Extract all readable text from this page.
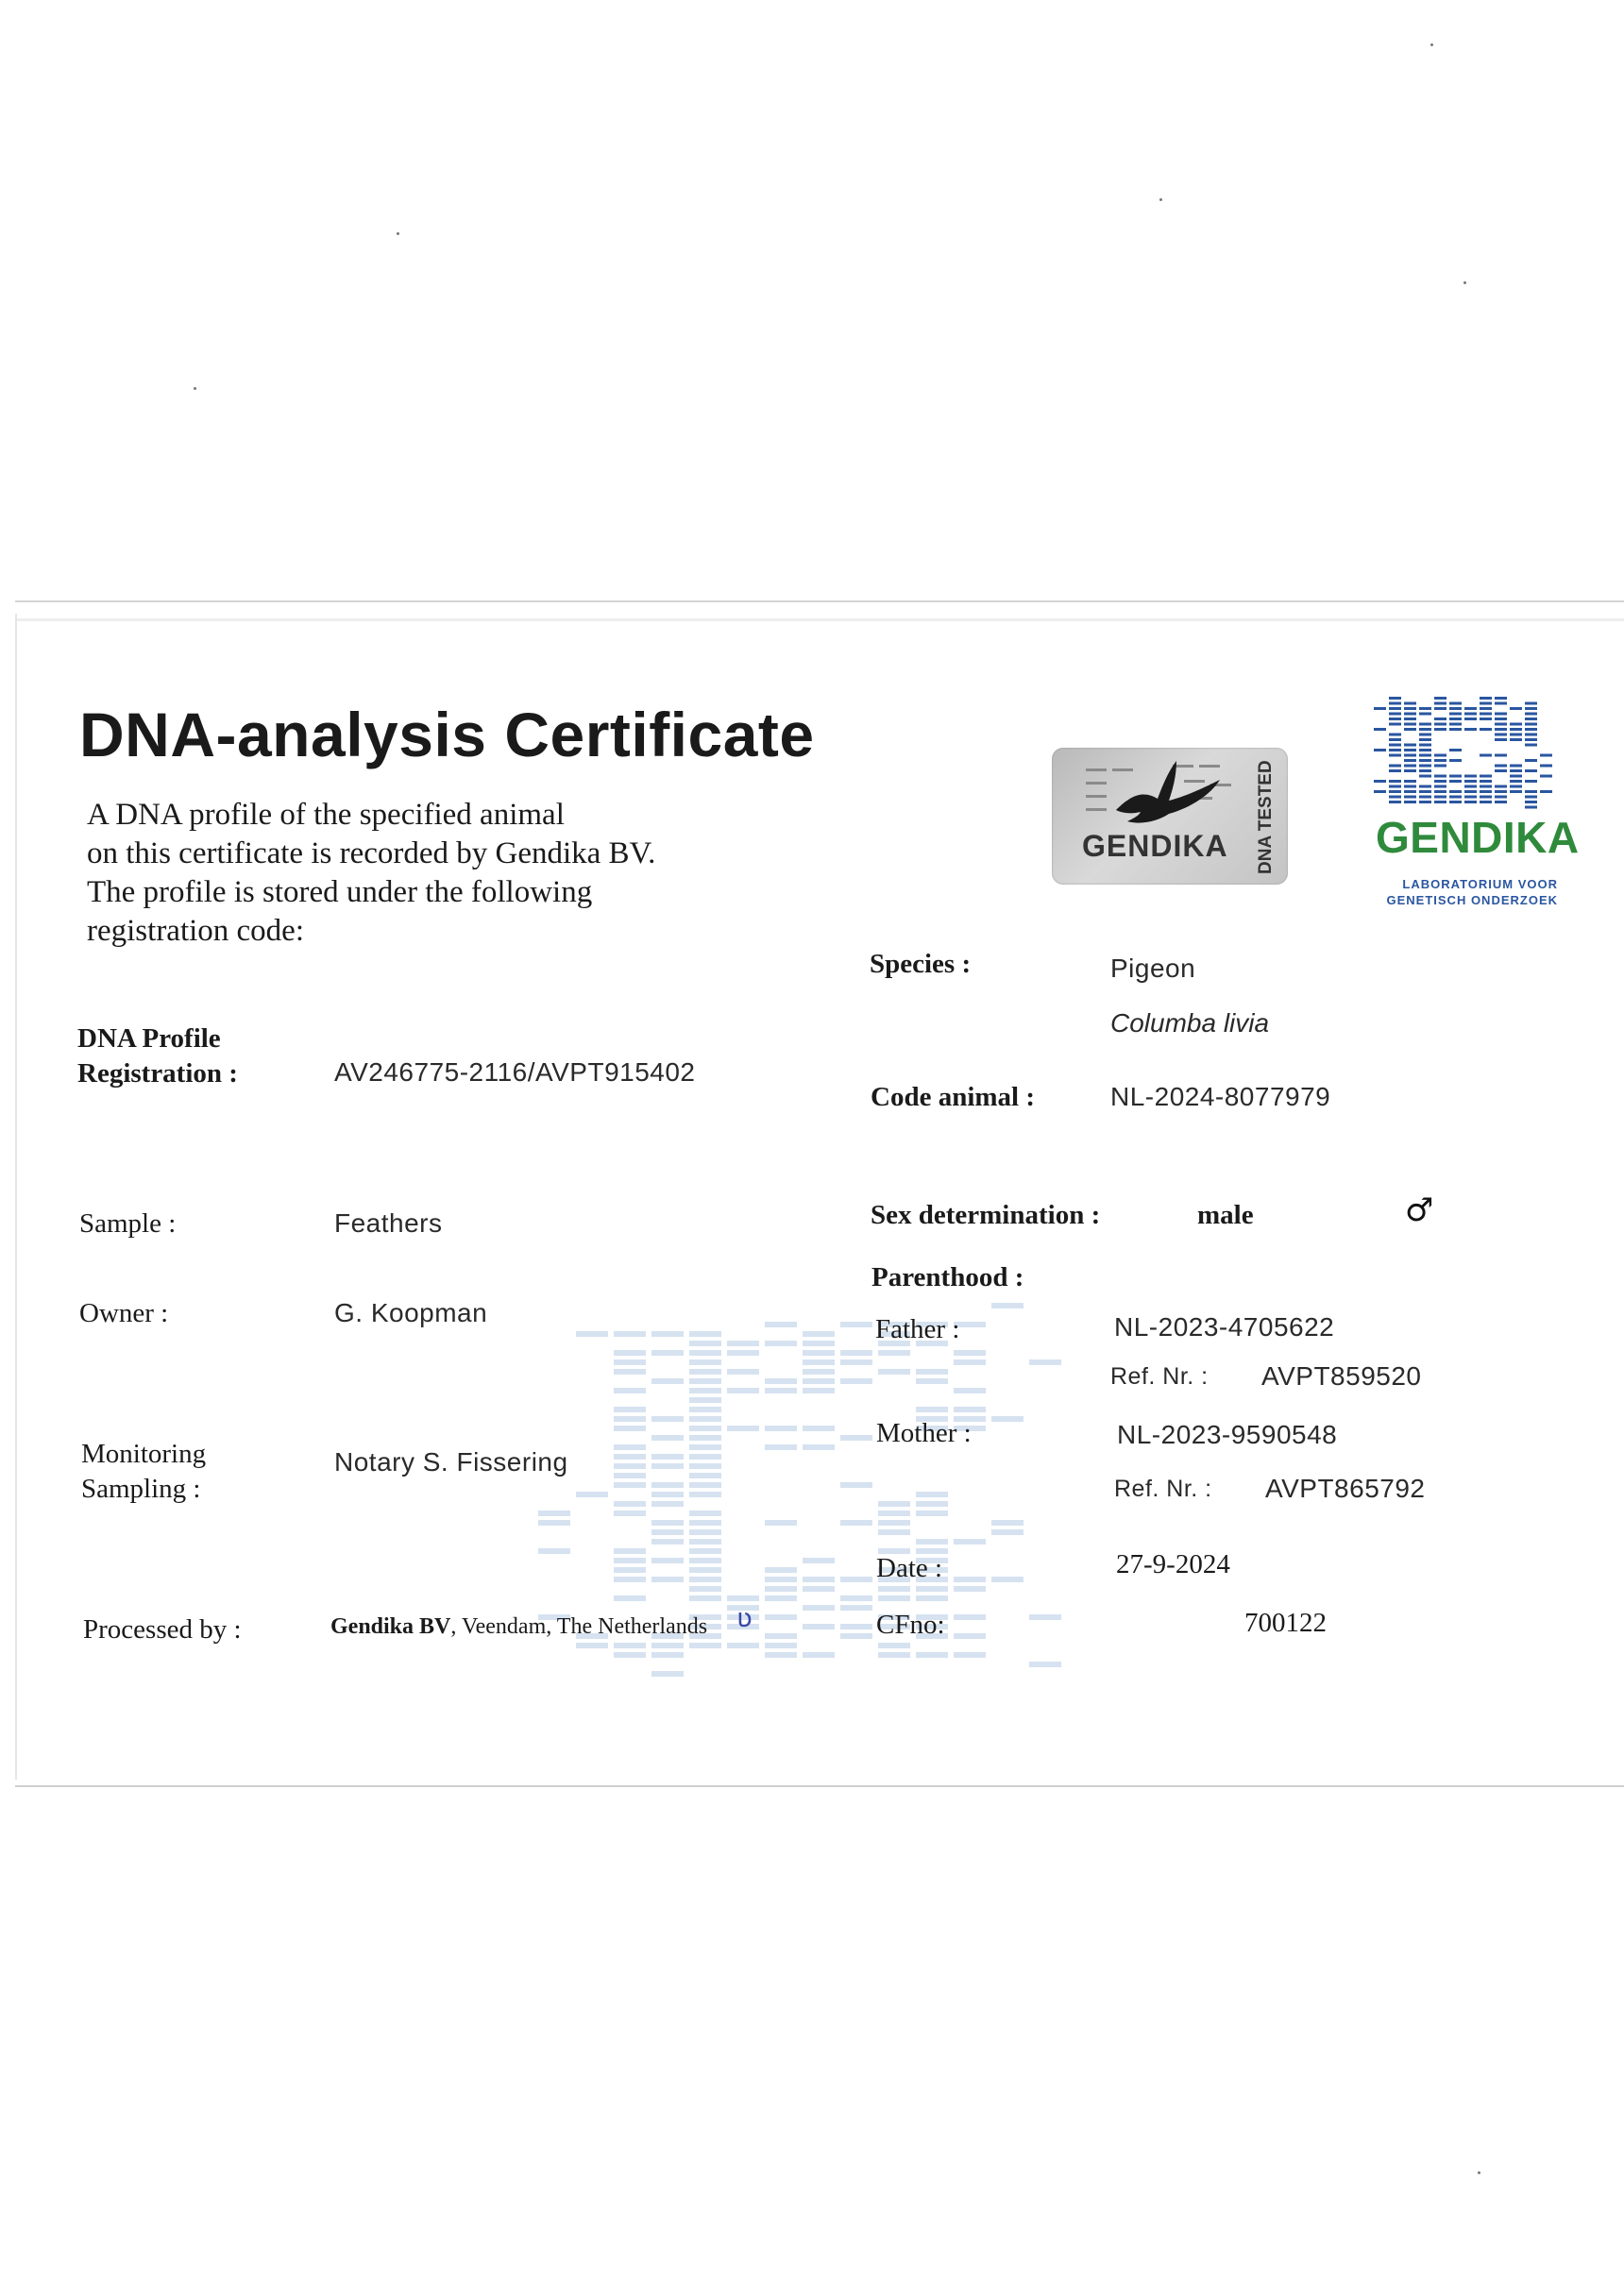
DNA-analysis Certificate
A DNA profile of the specified animal
on this certificate is recorded by Gendika BV.
The profile is stored under the following
registration code:
GENDIKA DNA TESTED GENDIKA
LABORATORIUM VOOR
GENETISCH ONDERZOEK
DNA Profile
Registration :	AV246775-2116/AVPT915402
Sample :	Feathers
Owner :	G. Koopman
Monitoring
Sampling :
Notary S. Fissering
Processed by :	Gendika BV, Veendam, The Netherlands ʋ
Species :	Pigeon
Columba livia
Code animal :	NL-2024-8077979
Sex determination :	male	♂
Parenthood :
Father :	NL-2023-4705622
Ref. Nr. : AVPT859520
Mother :	NL-2023-9590548
Ref. Nr. : AVPT865792
Date :	27-9-2024
CFno:	700122
